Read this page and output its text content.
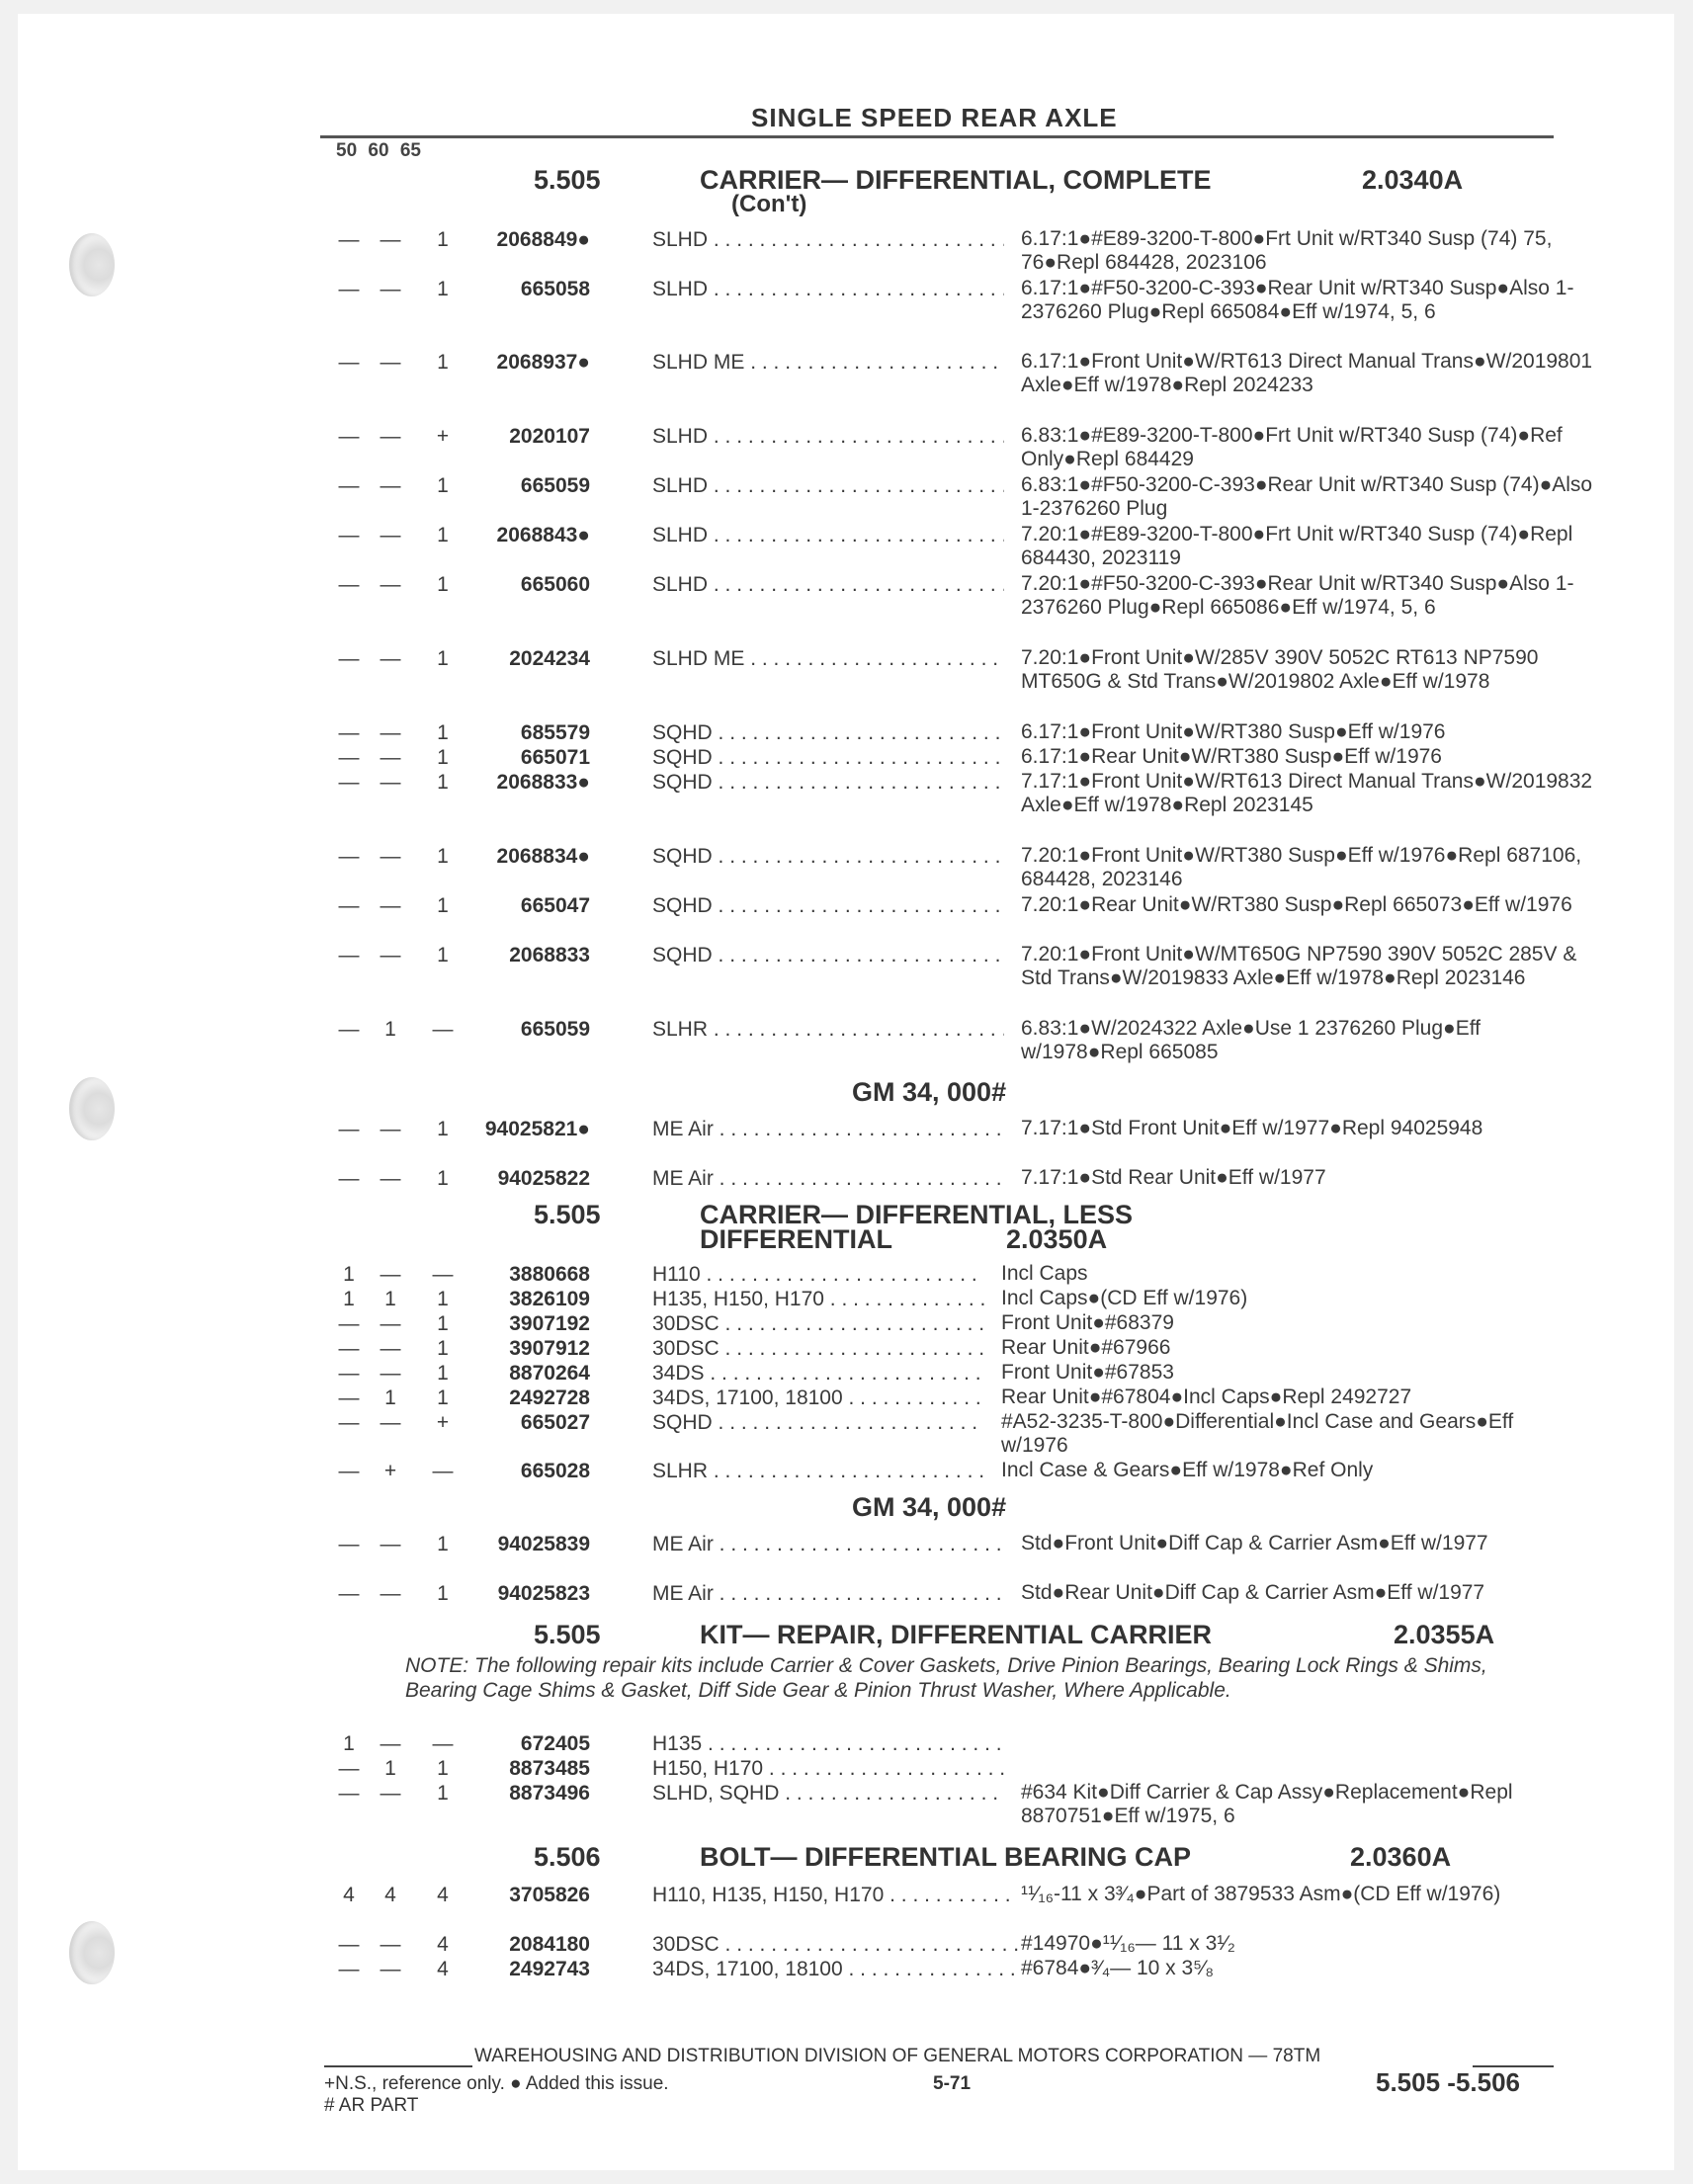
SINGLE SPEED REAR AXLE
50 60 65
5.505	CARRIER— DIFFERENTIAL, COMPLETE
(Con't)
2.0340A
—	—	1	2068849●	SLHD . . .	6.17:1●#E89-3200-T-800●Frt Unit w/RT340 Susp (74) 75, 76●Repl 684428, 2023106
—	—	1	665058	SLHD . . .	6.17:1●#F50-3200-C-393●Rear Unit w/RT340 Susp●Also 1-2376260 Plug●Repl 665084●Eff w/1974, 5, 6
—	—	1	2068937●	SLHD ME . . .	6.17:1●Front Unit●W/RT613 Direct Manual Trans●W/2019801 Axle●Eff w/1978●Repl 2024233
—	—	+	2020107	SLHD . . .	6.83:1●#E89-3200-T-800●Frt Unit w/RT340 Susp (74)●Ref Only●Repl 684429
—	—	1	665059	SLHD . . .	6.83:1●#F50-3200-C-393●Rear Unit w/RT340 Susp (74)●Also 1-2376260 Plug
—	—	1	2068843●	SLHD . . .	7.20:1●#E89-3200-T-800●Frt Unit w/RT340 Susp (74)●Repl 684430, 2023119
—	—	1	665060	SLHD . . .	7.20:1●#F50-3200-C-393●Rear Unit w/RT340 Susp●Also 1-2376260 Plug●Repl 665086●Eff w/1974, 5, 6
—	—	1	2024234	SLHD ME . . .	7.20:1●Front Unit●W/285V 390V 5052C RT613 NP7590 MT650G & Std Trans●W/2019802 Axle●Eff w/1978
—	—	1	685579	SQHD . . .	6.17:1●Front Unit●W/RT380 Susp●Eff w/1976
—	—	1	665071	SQHD . . .	6.17:1●Rear Unit●W/RT380 Susp●Eff w/1976
—	—	1	2068833●	SQHD . . .	7.17:1●Front Unit●W/RT613 Direct Manual Trans●W/2019832 Axle●Eff w/1978●Repl 2023145
—	—	1	2068834●	SQHD . . .	7.20:1●Front Unit●W/RT380 Susp●Eff w/1976●Repl 687106, 684428, 2023146
—	—	1	665047	SQHD . . .	7.20:1●Rear Unit●W/RT380 Susp●Repl 665073●Eff w/1976
—	—	1	2068833	SQHD . . .	7.20:1●Front Unit●W/MT650G NP7590 390V 5052C 285V & Std Trans●W/2019833 Axle●Eff w/1978●Repl 2023146
—	1	—	665059	SLHR . . .	6.83:1●W/2024322 Axle●Use 1 2376260 Plug●Eff w/1978●Repl 665085
GM 34, 000#
—	—	1	94025821●	ME Air . . .	7.17:1●Std Front Unit●Eff w/1977●Repl 94025948
—	—	1	94025822	ME Air . . .	7.17:1●Std Rear Unit●Eff w/1977
5.505	CARRIER— DIFFERENTIAL, LESS
DIFFERENTIAL	2.0350A
1	—	—	3880668	H110 . . .	Incl Caps
1	1	1	3826109	H135, H150, H170 . . .	Incl Caps●(CD Eff w/1976)
—	—	1	3907192	30DSC . . .	Front Unit●#68379
—	—	1	3907912	30DSC . . .	Rear Unit●#67966
—	—	1	8870264	34DS . . .	Front Unit●#67853
—	1	1	2492728	34DS, 17100, 18100 . . .	Rear Unit●#67804●Incl Caps●Repl 2492727
—	—	+	665027	SQHD . . .	#A52-3235-T-800●Differential●Incl Case and Gears●Eff w/1976
—	+	—	665028	SLHR . . .	Incl Case & Gears●Eff w/1978●Ref Only
GM 34, 000#
—	—	1	94025839	ME Air . . .	Std●Front Unit●Diff Cap & Carrier Asm●Eff w/1977
—	—	1	94025823	ME Air . . .	Std●Rear Unit●Diff Cap & Carrier Asm●Eff w/1977
5.505	KIT— REPAIR, DIFFERENTIAL CARRIER	2.0355A
NOTE: The following repair kits include Carrier & Cover Gaskets, Drive Pinion Bearings, Bearing Lock Rings & Shims, Bearing Cage Shims & Gasket, Diff Side Gear & Pinion Thrust Washer, Where Applicable.
1	—	—	672405	H135 . . .
—	1	1	8873485	H150, H170 . . .
—	—	1	8873496	SLHD, SQHD . . .	#634 Kit●Diff Carrier & Cap Assy●Replacement●Repl 8870751●Eff w/1975, 6
5.506	BOLT— DIFFERENTIAL BEARING CAP	2.0360A
4	4	4	3705826	H110, H135, H150, H170 . . .	¹¹⁄₁₆-11 x 3³⁄₄●Part of 3879533 Asm●(CD Eff w/1976)
—	—	4	2084180	30DSC . . .	#14970●¹¹⁄₁₆— 11 x 3¹⁄₂
—	—	4	2492743	34DS, 17100, 18100 . . .	#6784●³⁄₄— 10 x 3⁵⁄₈
WAREHOUSING AND DISTRIBUTION DIVISION OF GENERAL MOTORS CORPORATION — 78TM
+N.S., reference only. ● Added this issue.
# AR PART
5-71	5.505 -5.506
